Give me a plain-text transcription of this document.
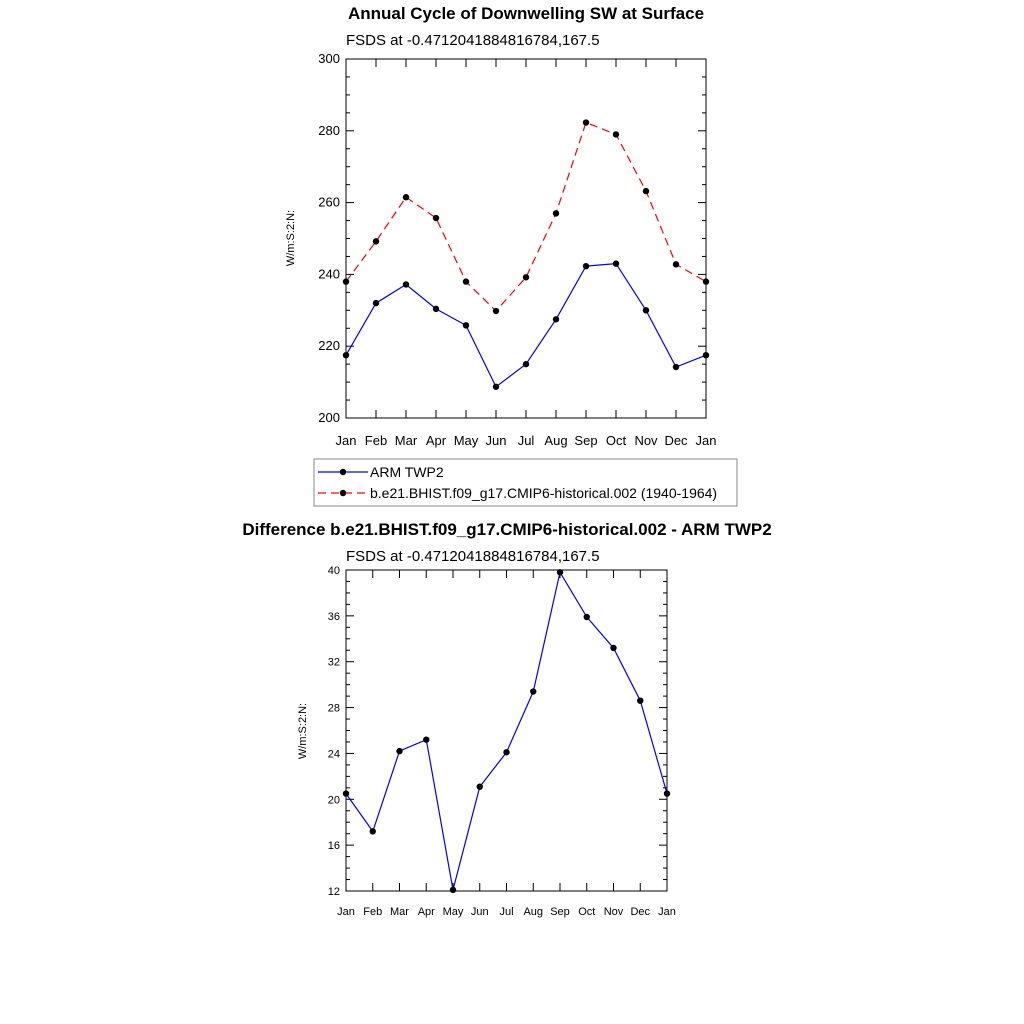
Annual Cycle of Downwelling SW at Surface
FSDS at -0.4712041884816784,167.5
W/m:S:2:N:
Difference b.e21.BHIST.f09_g17.CMIP6-historical.002 - ARM TWP2
FSDS at -0.4712041884816784,167.5
W/m:S:2:N:
ARM TWP2
b.e21.BHIST.f09_g17.CMIP6-historical.002 (1940-1964)
200
220
240
260
280
300
Jan Feb Mar Apr May Jun Jul Aug Sep Oct Nov Dec Jan
12
16
20
24
28
32
36
40
Jan Feb Mar Apr May Jun Jul Aug Sep Oct Nov Dec Jan
